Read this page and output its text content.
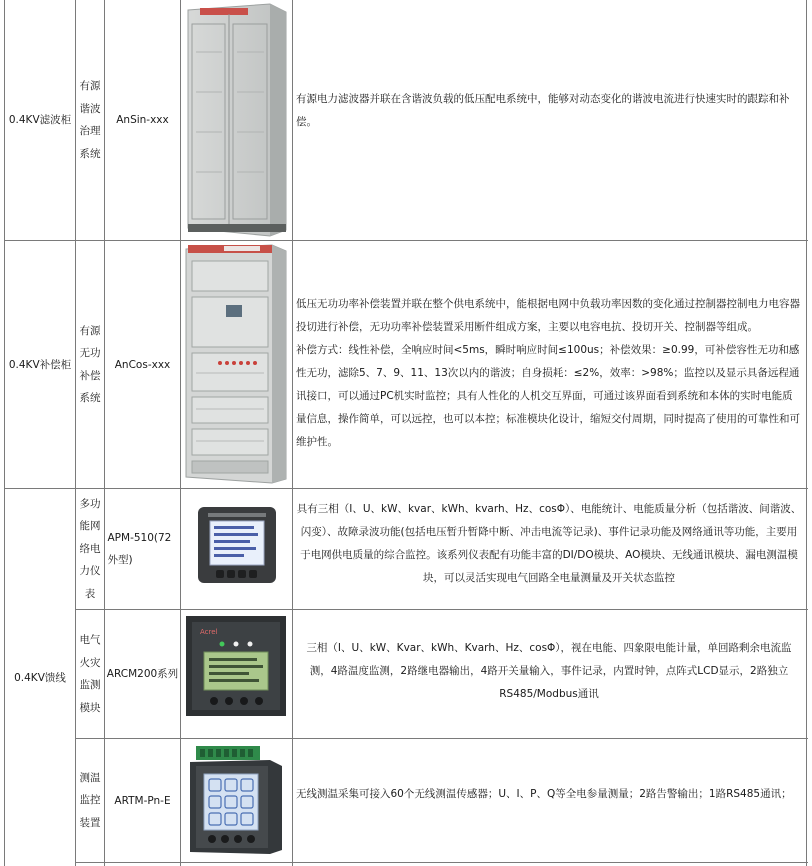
0.4KV滤波柜
有源谐波治理系统
AnSin-xxx

有源电力滤波器并联在含谐波负载的低压配电系统中，能够对动态变化的谐波电流进行快速实时的跟踪和补偿。

0.4KV补偿柜
有源无功补偿系统
AnCos-xxx

低压无功功率补偿装置并联在整个供电系统中，能根据电网中负载功率因数的变化通过控制器控制电力电容器投切进行补偿，无功功率补偿装置采用断件组成方案，主要以电容电抗、投切开关、控制器等组成。

补偿方式：线性补偿，全响应时间<5ms，瞬时响应时间≤100us；补偿效果：≥0.99，可补偿容性无功和感性无功，滤除5、7、9、11、13次以内的谐波；自身损耗：≤2%，效率：>98%；监控以及显示具备远程通讯接口，可以通过PC机实时监控；具有人性化的人机交互界面，可通过该界面看到系统和本体的实时电能质量信息，操作简单，可以远控，也可以本控；标准模块化设计，缩短交付周期，同时提高了使用的可靠性和可维护性。

0.4KV馈线
多功能网络电力仪表
APM-510(72外型)

具有三相（I、U、kW、kvar、kWh、kvarh、Hz、cosΦ）、电能统计、电能质量分析（包括谐波、间谐波、闪变）、故障录波功能(包括电压暂升暂降中断、冲击电流等记录)、事件记录功能及网络通讯等功能，主要用于电网供电质量的综合监控。该系列仪表配有功能丰富的DI/DO模块、AO模块、无线通讯模块、漏电测温模块，可以灵活实现电气回路全电量测量及开关状态监控

电气火灾监测模块
ARCM200系列
Acrel

三相（I、U、kW、Kvar、kWh、Kvarh、Hz、cosΦ），视在电能、四象限电能计量，单回路剩余电流监测，4路温度监测，2路继电器输出，4路开关量输入，事件记录，内置时钟，点阵式LCD显示，2路独立RS485/Modbus通讯

测温监控装置
ARTM-Pn-E

无线测温采集可接入60个无线测温传感器；U、I、P、Q等全电参量测量；2路告警输出；1路RS485通讯；
